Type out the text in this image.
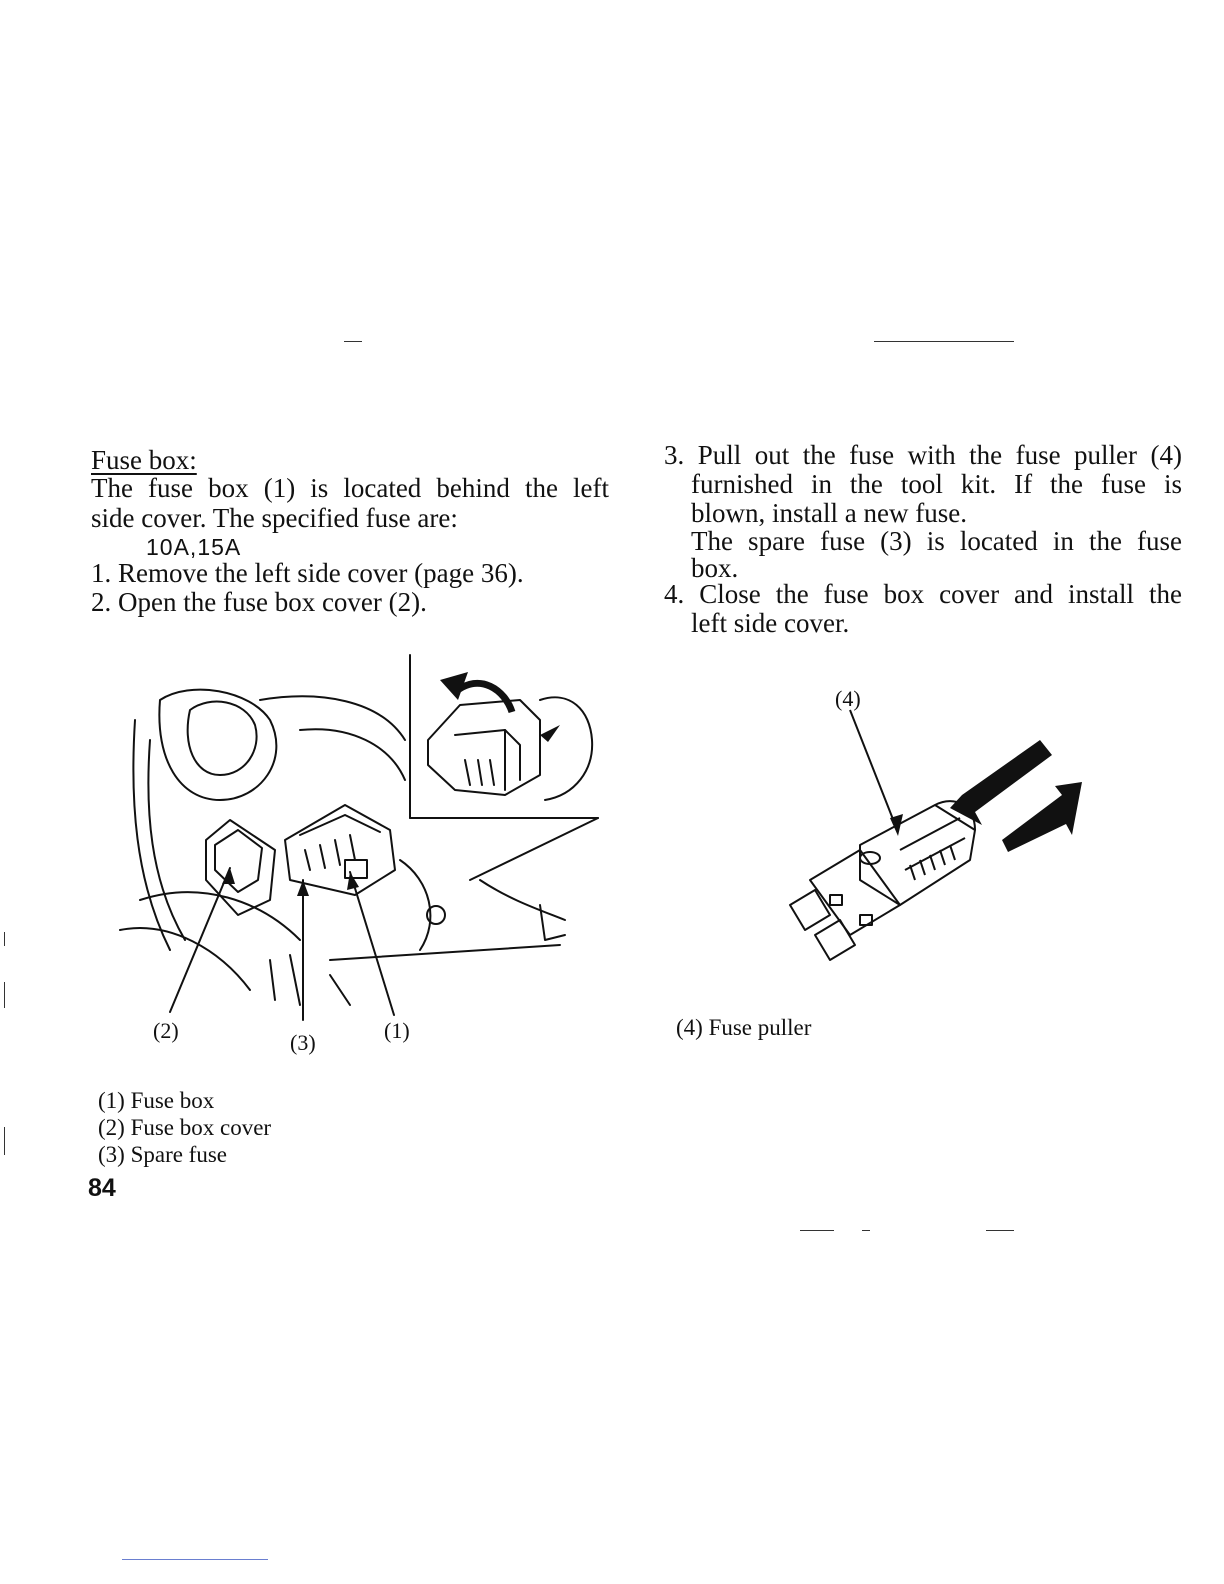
Fuse box:
The fuse box (1) is located behind the left
side cover. The specified fuse are:
10A,15A
1. Remove the left side cover (page 36).
2. Open the fuse box cover (2).
3. Pull out the fuse with the fuse puller (4)
furnished in the tool kit. If the fuse is
blown, install a new fuse.
The spare fuse (3) is located in the fuse
box.
4. Close the fuse box cover and install the
left side cover.
(2)	(3)	(1)
(1) Fuse box
(2) Fuse box cover
(3) Spare fuse
84
(4)
(4) Fuse puller
